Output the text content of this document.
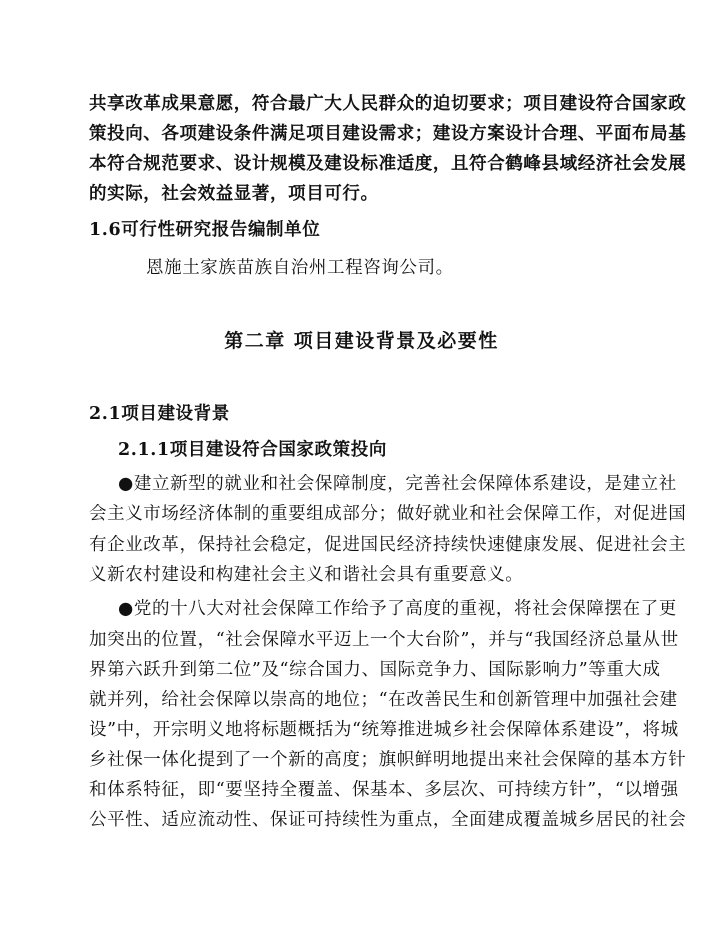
共享改革成果意愿，符合最广大人民群众的迫切要求；项目建设符合国家政
策投向、各项建设条件满足项目建设需求；建设方案设计合理、平面布局基
本符合规范要求、设计规模及建设标准适度，且符合鹤峰县域经济社会发展
的实际，社会效益显著，项目可行。
1.6可行性研究报告编制单位
恩施土家族苗族自治州工程咨询公司。
第二章 项目建设背景及必要性
2.1项目建设背景
2.1.1项目建设符合国家政策投向
●建立新型的就业和社会保障制度，完善社会保障体系建设，是建立社
会主义市场经济体制的重要组成部分；做好就业和社会保障工作，对促进国
有企业改革，保持社会稳定，促进国民经济持续快速健康发展、促进社会主
义新农村建设和构建社会主义和谐社会具有重要意义。
●党的十八大对社会保障工作给予了高度的重视，将社会保障摆在了更
加突出的位置，“社会保障水平迈上一个大台阶”，并与“我国经济总量从世
界第六跃升到第二位”及“综合国力、国际竞争力、国际影响力”等重大成
就并列，给社会保障以崇高的地位；“在改善民生和创新管理中加强社会建
设”中，开宗明义地将标题概括为“统筹推进城乡社会保障体系建设”，将城
乡社保一体化提到了一个新的高度；旗帜鲜明地提出来社会保障的基本方针
和体系特征，即“要坚持全覆盖、保基本、多层次、可持续方针”，“以增强
公平性、适应流动性、保证可持续性为重点，全面建成覆盖城乡居民的社会
